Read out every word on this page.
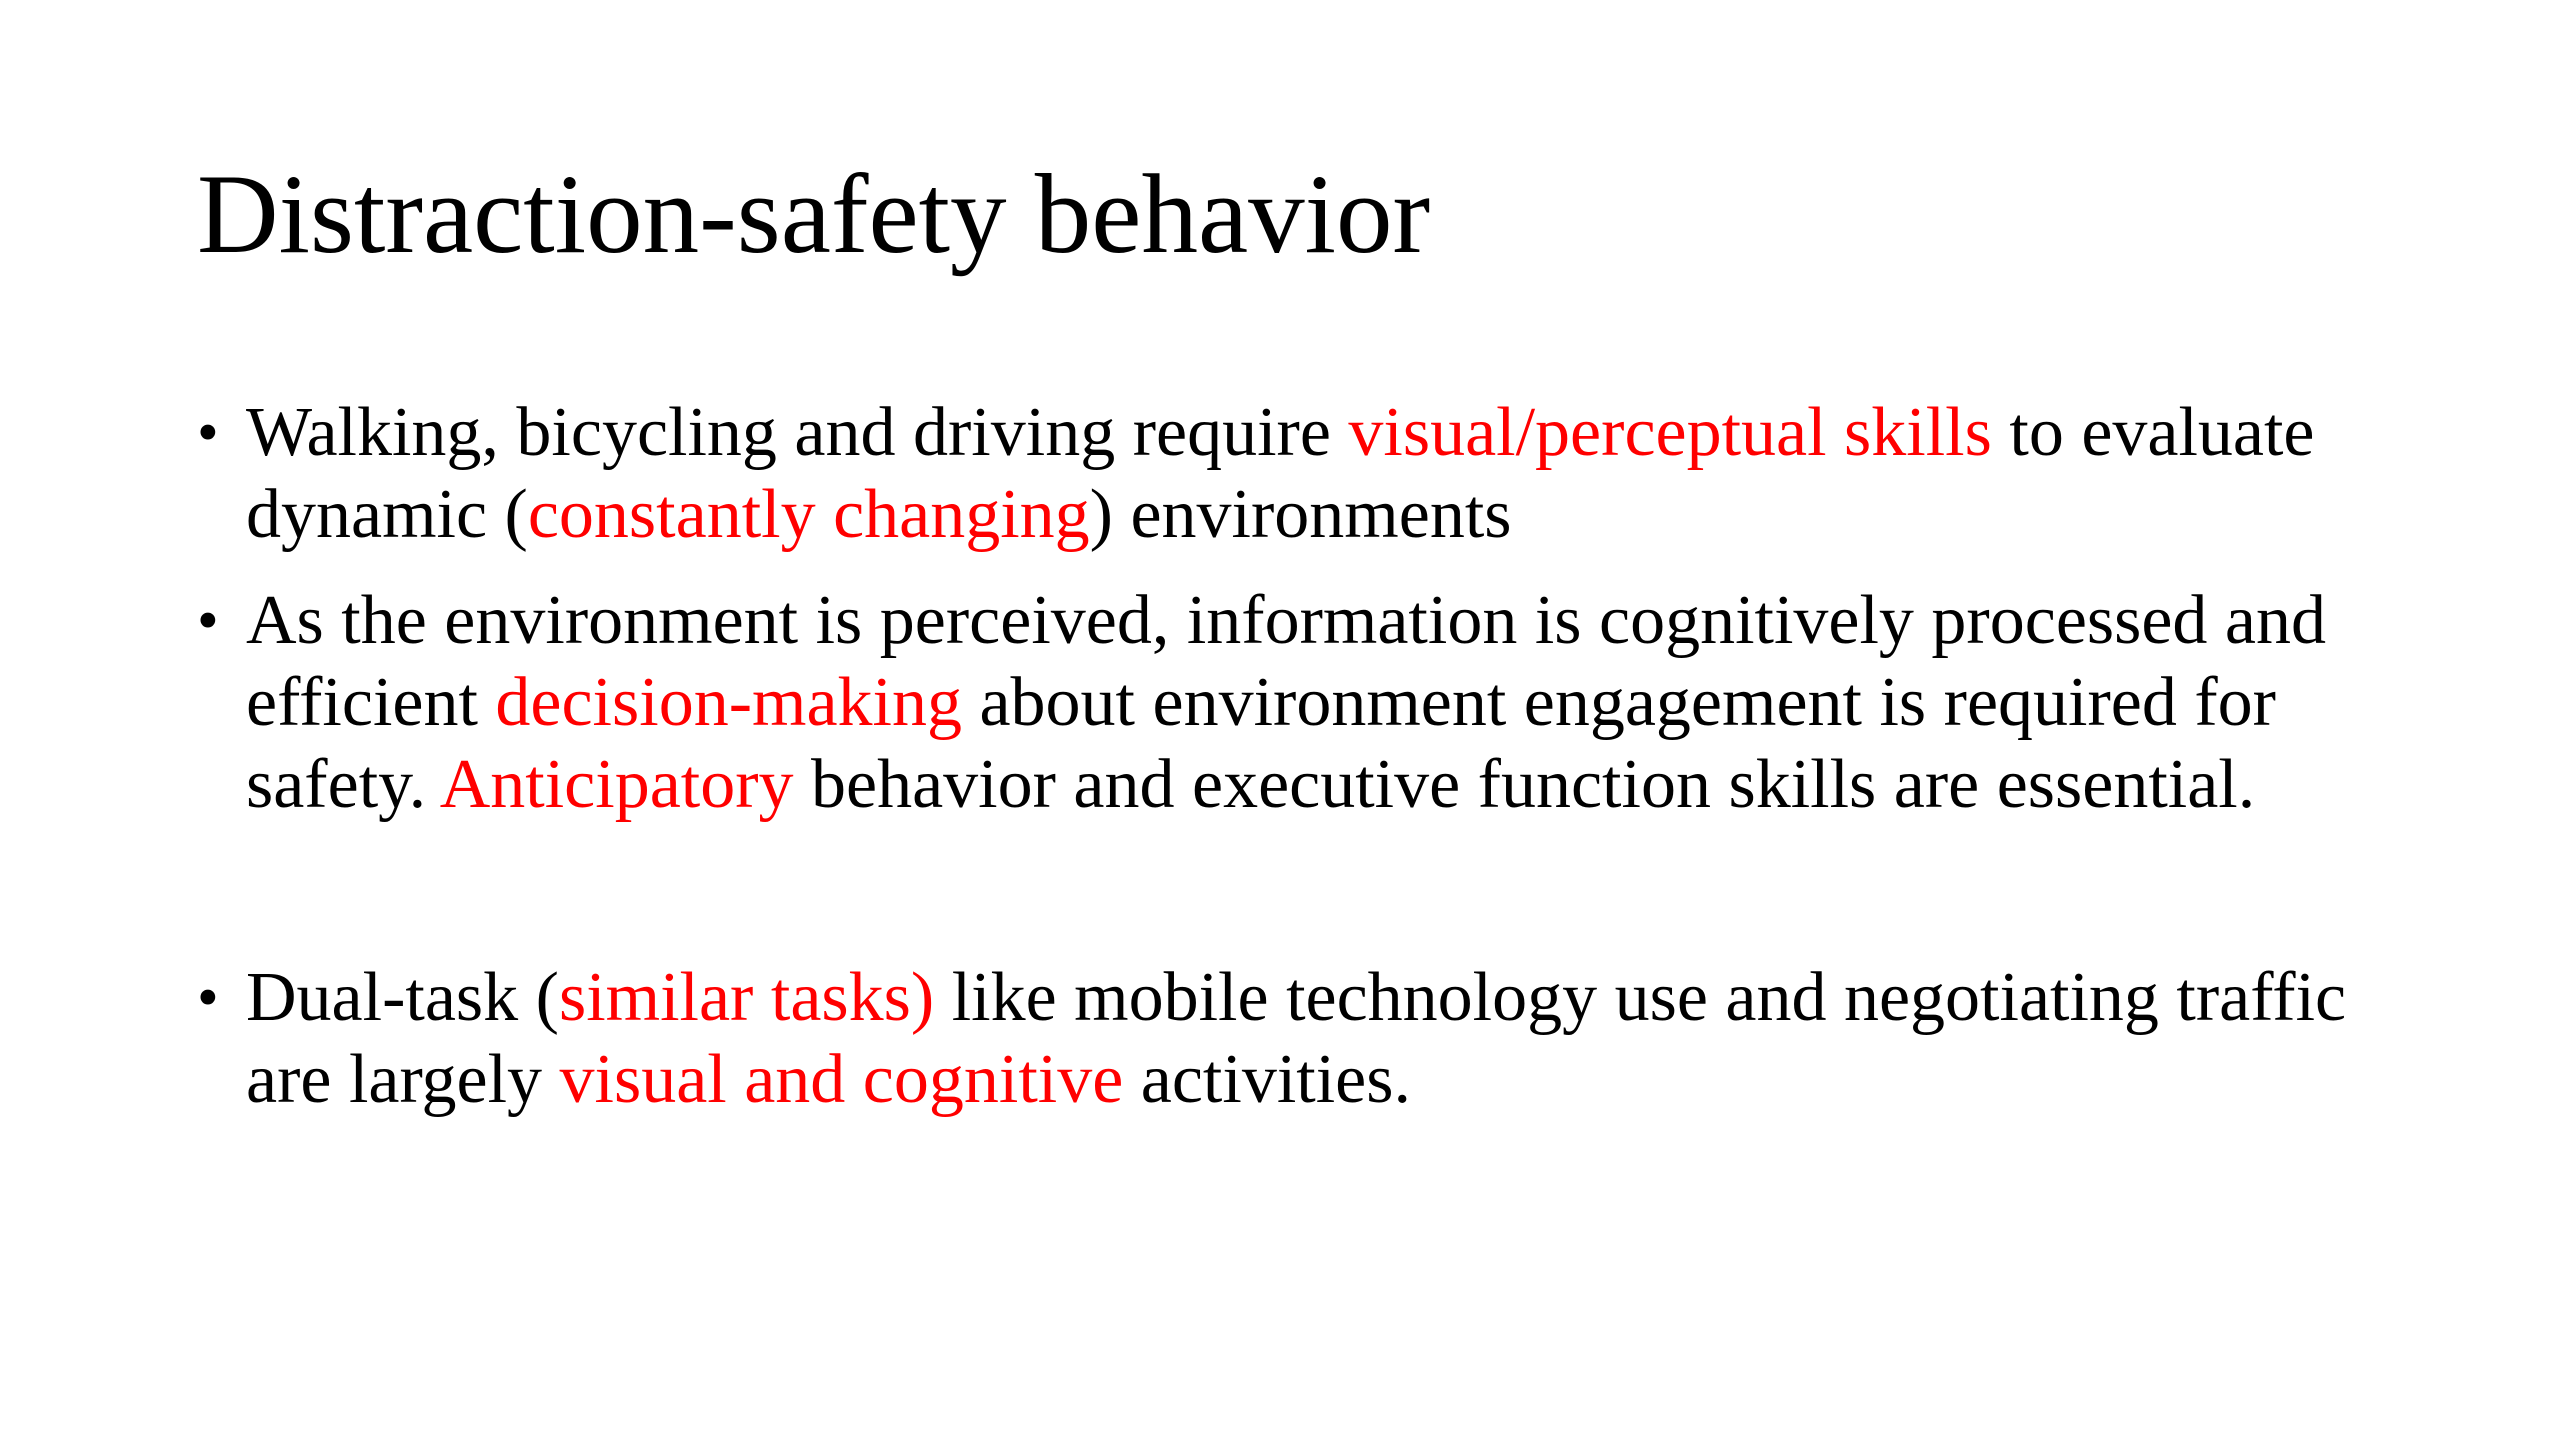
Distraction-safety behavior
• Walking, bicycling and driving require visual/perceptual skills to evaluate dynamic (constantly changing) environments
• As the environment is perceived, information is cognitively processed and efficient decision-making about environment engagement is required for safety. Anticipatory behavior and executive function skills are essential.
• Dual-task (similar tasks) like mobile technology use and negotiating traffic are largely visual and cognitive activities.
